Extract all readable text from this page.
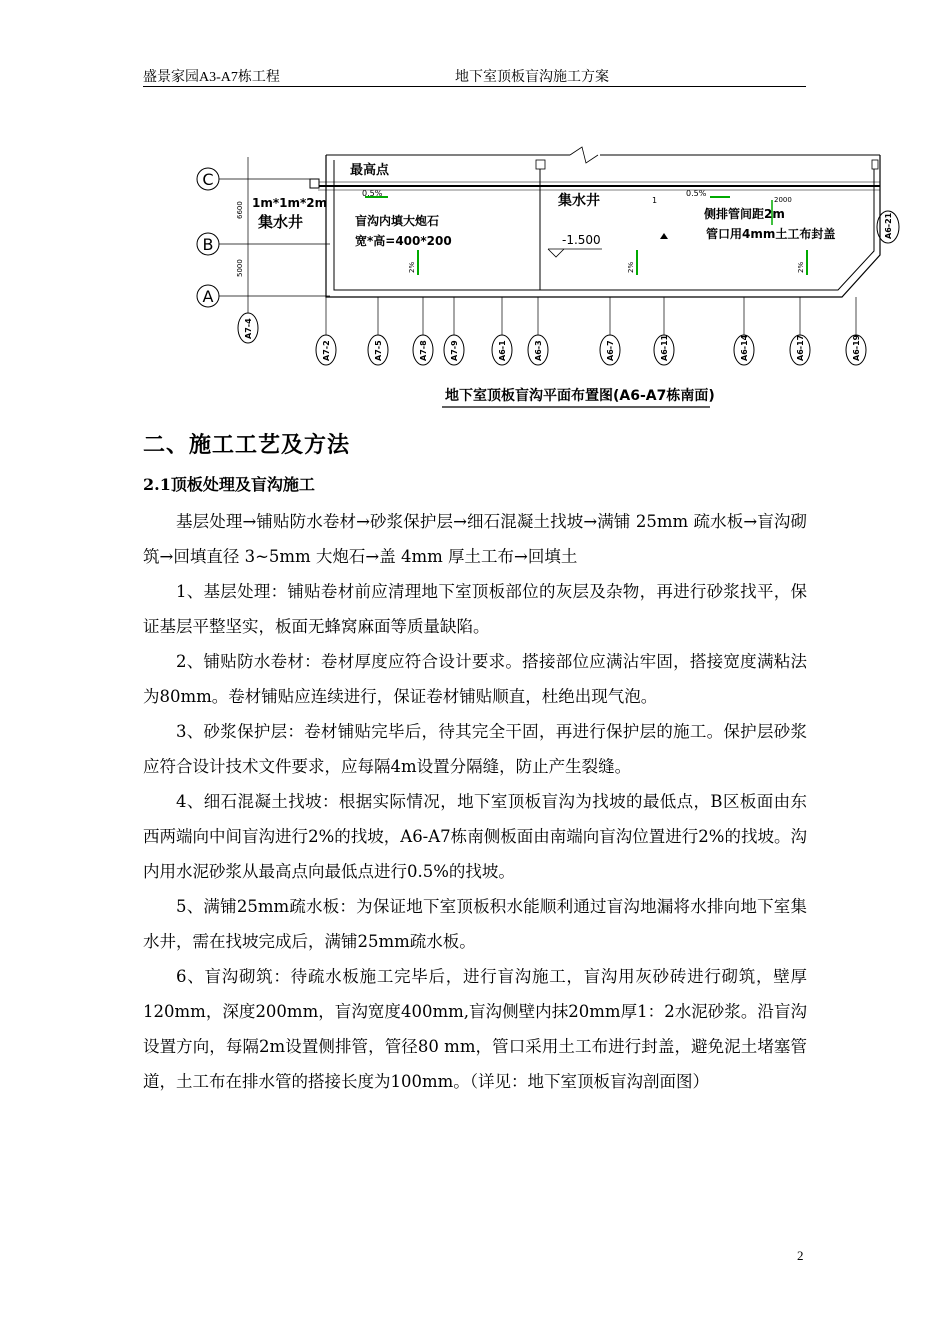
盛景家园A3-A7栋工程	地下室顶板盲沟施工方案
C
B
A
6600
5000
最高点
0.5%	0.5%
1m*1m*2m
集水井
集水井
盲沟内填大炮石
宽*高=400*200	-1.500
侧排管间距2m
管口用4mm土工布封盖
2000
2%	2%	2%
1
A6-21
A7-4
A7-2	A7-5	A7-8	A7-9	A6-1	A6-3	A6-7	A6-11	A6-14	A6-17	A6-19
地下室顶板盲沟平面布置图(A6-A7栋南面)
二、施工工艺及方法
2.1顶板处理及盲沟施工

基层处理→铺贴防水卷材→砂浆保护层→细石混凝土找坡→满铺 25mm 疏水板→盲沟砌筑→回填直径 3~5mm 大炮石→盖 4mm 厚土工布→回填土

1、基层处理：铺贴卷材前应清理地下室顶板部位的灰层及杂物，再进行砂浆找平，保证基层平整坚实，板面无蜂窝麻面等质量缺陷。

2、铺贴防水卷材：卷材厚度应符合设计要求。搭接部位应满沾牢固，搭接宽度满粘法为80mm。卷材铺贴应连续进行，保证卷材铺贴顺直，杜绝出现气泡。

3、砂浆保护层：卷材铺贴完毕后，待其完全干固，再进行保护层的施工。保护层砂浆应符合设计技术文件要求，应每隔4m设置分隔缝，防止产生裂缝。

4、细石混凝土找坡：根据实际情况，地下室顶板盲沟为找坡的最低点，B区板面由东西两端向中间盲沟进行2%的找坡，A6-A7栋南侧板面由南端向盲沟位置进行2%的找坡。沟内用水泥砂浆从最高点向最低点进行0.5%的找坡。

5、满铺25mm疏水板：为保证地下室顶板积水能顺利通过盲沟地漏将水排向地下室集水井，需在找坡完成后，满铺25mm疏水板。

6、盲沟砌筑：待疏水板施工完毕后，进行盲沟施工，盲沟用灰砂砖进行砌筑，壁厚120mm，深度200mm，盲沟宽度400mm,盲沟侧壁内抹20mm厚1：2水泥砂浆。沿盲沟设置方向，每隔2m设置侧排管，管径80 mm，管口采用土工布进行封盖，避免泥土堵塞管道，土工布在排水管的搭接长度为100mm。（详见：地下室顶板盲沟剖面图）

2
